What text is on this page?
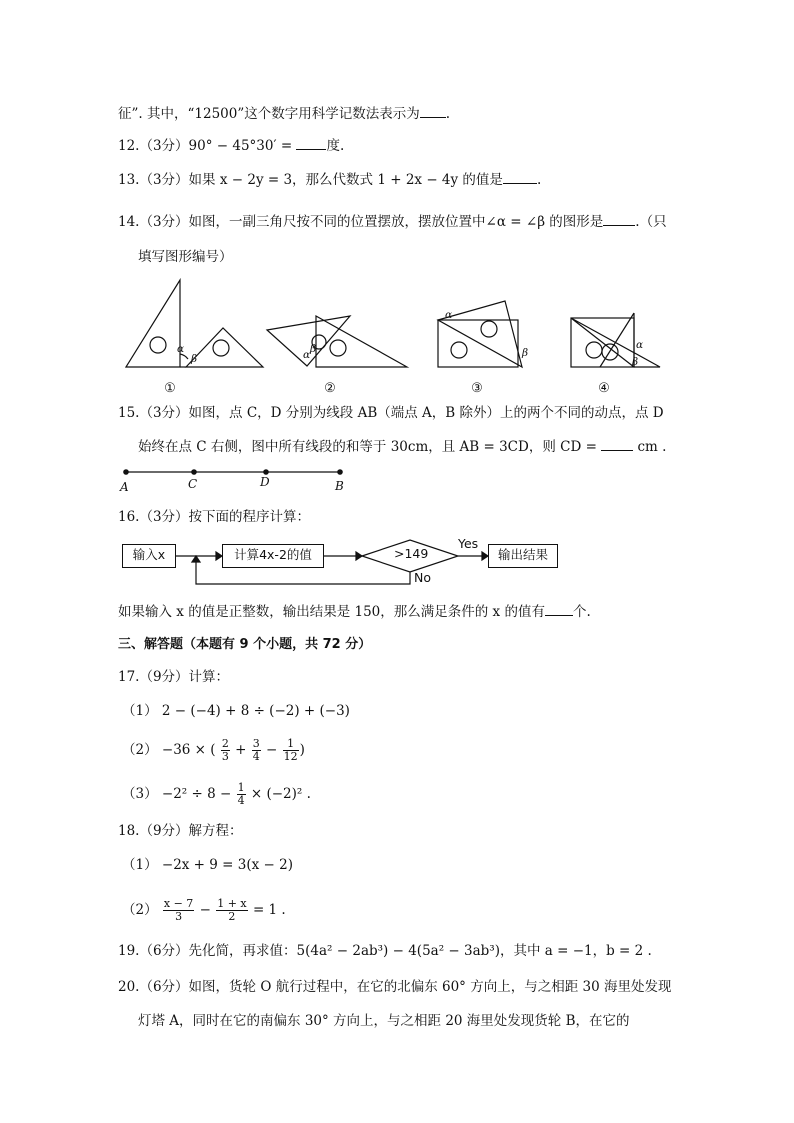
征”. 其中，“12500”这个数字用科学记数法表示为 .
12.（3分）90° − 45°30′ =	度.
13.（3分）如果 x − 2y = 3，那么代数式 1 + 2x − 4y 的值是	.
14.（3分）如图，一副三角尺按不同的位置摆放，摆放位置中∠α = ∠β 的图形是 .（只
填写图形编号）
α
β	α β
α
β
α
β
①	②	③	④
15.（3分）如图，点 C，D 分别为线段 AB（端点 A，B 除外）上的两个不同的动点，点 D
始终在点 C 右侧，图中所有线段的和等于 30cm，且 AB = 3CD，则 CD =	cm .
A	C	D	B
16.（3分）按下面的程序计算：
输入x	计算4x-2的值	>149
Yes
No
输出结果
如果输入 x 的值是正整数，输出结果是 150，那么满足条件的 x 的值有 个.
三、解答题（本题有 9 个小题，共 72 分）
17.（9分）计算：
（1） 2 − (−4) + 8 ÷ (−2) + (−3)
（2） −36 × ( $\frac{2}{3} + \frac{3}{4} - \frac{1}{12}$ )
$(3) -2^2 \div 8 - \frac{1}{4} \times (-2)^2$ .
18.（9分）解方程：
（1） −2x + 9 = 3(x − 2)
$(2) \frac{x - 7}{3} - \frac{1 + x}{2} = 1$ .
19.（6分）先化简，再求值：5(4a² − 2ab³) − 4(5a² − 3ab³)，其中 a = −1，b = 2 .
20.（6分）如图，货轮 O 航行过程中，在它的北偏东 60° 方向上，与之相距 30 海里处发现
灯塔 A，同时在它的南偏东 30° 方向上，与之相距 20 海里处发现货轮 B，在它的
